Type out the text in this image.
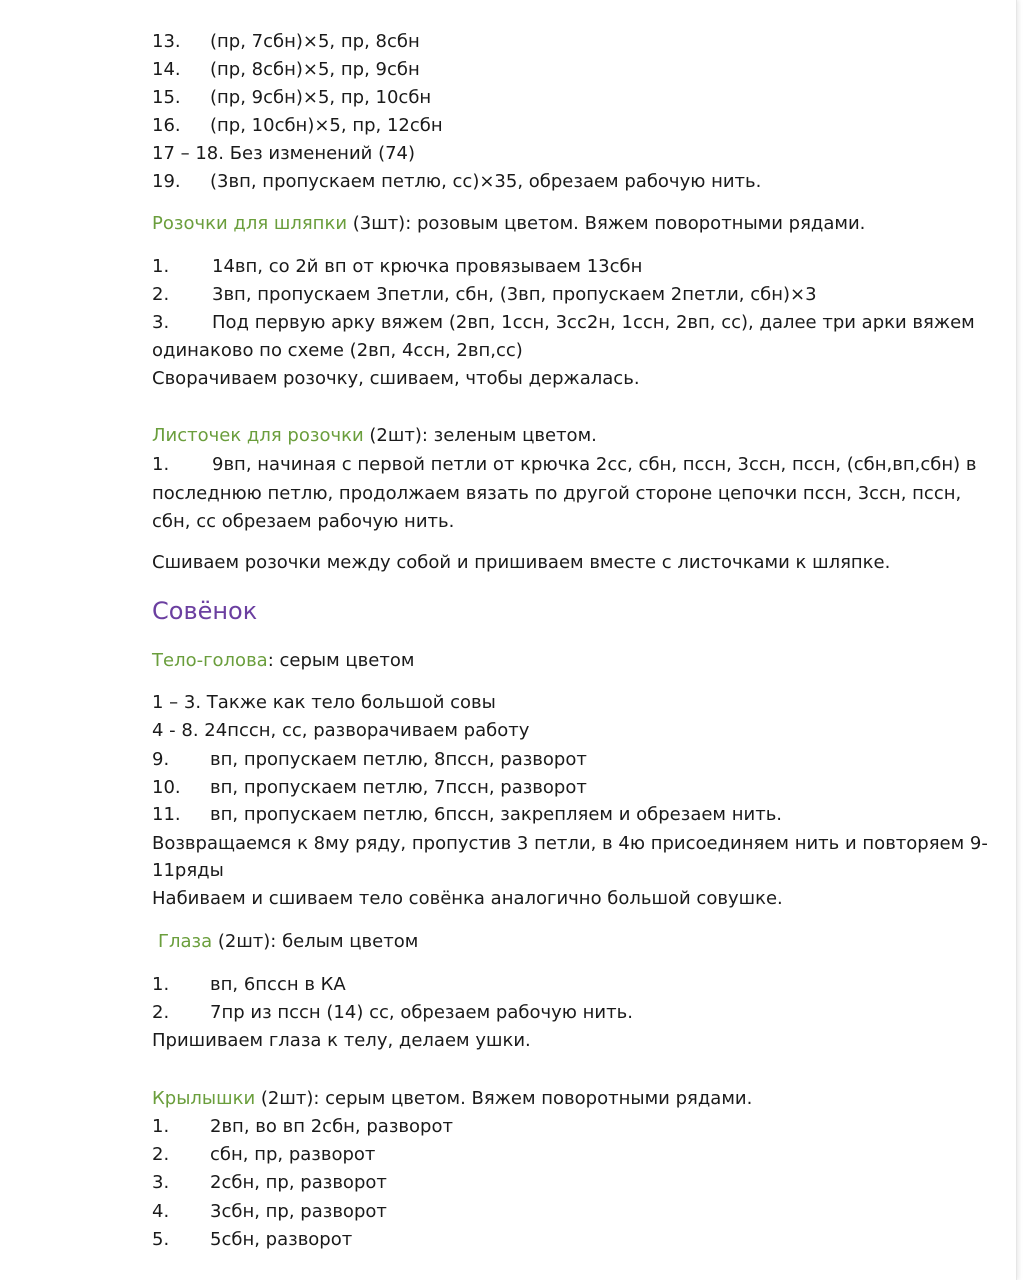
13. (пр, 7сбн)×5, пр, 8сбн
14. (пр, 8сбн)×5, пр, 9сбн
15. (пр, 9сбн)×5, пр, 10сбн
16. (пр, 10сбн)×5, пр, 12сбн
17 – 18. Без изменений (74)
19. (3вп, пропускаем петлю, сс)×35, обрезаем рабочую нить.
Розочки для шляпки (3шт): розовым цветом. Вяжем поворотными рядами.
1. 14вп, со 2й вп от крючка провязываем 13сбн
2. 3вп, пропускаем 3петли, сбн, (3вп, пропускаем 2петли, сбн)×3
3. Под первую арку вяжем (2вп, 1ссн, 3сс2н, 1ссн, 2вп, сс), далее три арки вяжем
одинаково по схеме (2вп, 4ссн, 2вп,сс)
Сворачиваем розочку, сшиваем, чтобы держалась.
Листочек для розочки (2шт): зеленым цветом.
1. 9вп, начиная с первой петли от крючка 2сс, сбн, пссн, 3ссн, пссн, (сбн,вп,сбн) в
последнюю петлю, продолжаем вязать по другой стороне цепочки пссн, 3ссн, пссн,
сбн, сс обрезаем рабочую нить.
Сшиваем розочки между собой и пришиваем вместе с листочками к шляпке.
Совёнок
Тело-голова: серым цветом
1 – 3. Также как тело большой совы
4 - 8. 24пссн, сс, разворачиваем работу
9. вп, пропускаем петлю, 8пссн, разворот
10. вп, пропускаем петлю, 7пссн, разворот
11. вп, пропускаем петлю, 6пссн, закрепляем и обрезаем нить.
Возвращаемся к 8му ряду, пропустив 3 петли, в 4ю присоединяем нить и повторяем 9-
11ряды
Набиваем и сшиваем тело совёнка аналогично большой совушке.
Глаза (2шт): белым цветом
1. вп, 6пссн в КА
2. 7пр из пссн (14) сс, обрезаем рабочую нить.
Пришиваем глаза к телу, делаем ушки.
Крылышки (2шт): серым цветом. Вяжем поворотными рядами.
1. 2вп, во вп 2сбн, разворот
2. сбн, пр, разворот
3. 2сбн, пр, разворот
4. 3сбн, пр, разворот
5. 5сбн, разворот
